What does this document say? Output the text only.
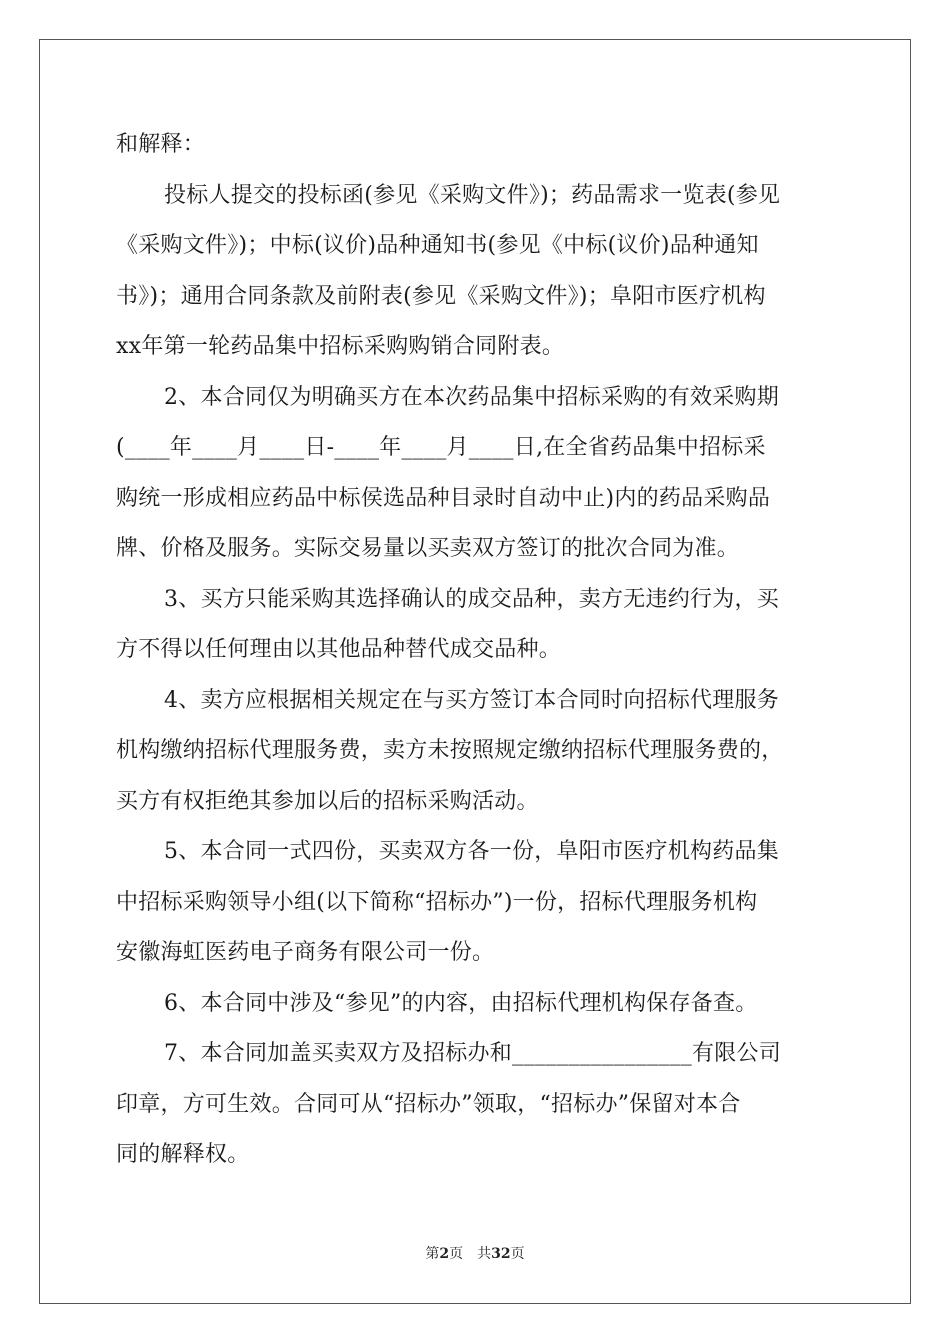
和解释：
投标人提交的投标函(参见《采购文件》)；药品需求一览表(参见
《采购文件》)；中标(议价)品种通知书(参见《中标(议价)品种通知
书》)；通用合同条款及前附表(参见《采购文件》)；阜阳市医疗机构
xx年第一轮药品集中招标采购购销合同附表。
2、本合同仅为明确买方在本次药品集中招标采购的有效采购期
(____年____月____日-____年____月____日,在全省药品集中招标采
购统一形成相应药品中标侯选品种目录时自动中止)内的药品采购品
牌、价格及服务。实际交易量以买卖双方签订的批次合同为准。
3、买方只能采购其选择确认的成交品种，卖方无违约行为，买
方不得以任何理由以其他品种替代成交品种。
4、卖方应根据相关规定在与买方签订本合同时向招标代理服务
机构缴纳招标代理服务费，卖方未按照规定缴纳招标代理服务费的，
买方有权拒绝其参加以后的招标采购活动。
5、本合同一式四份，买卖双方各一份，阜阳市医疗机构药品集
中招标采购领导小组(以下简称“招标办”)一份，招标代理服务机构
安徽海虹医药电子商务有限公司一份。
6、本合同中涉及“参见”的内容，由招标代理机构保存备查。
7、本合同加盖买卖双方及招标办和________________有限公司
印章，方可生效。合同可从“招标办”领取，“招标办”保留对本合
同的解释权。
第2页 共32页
